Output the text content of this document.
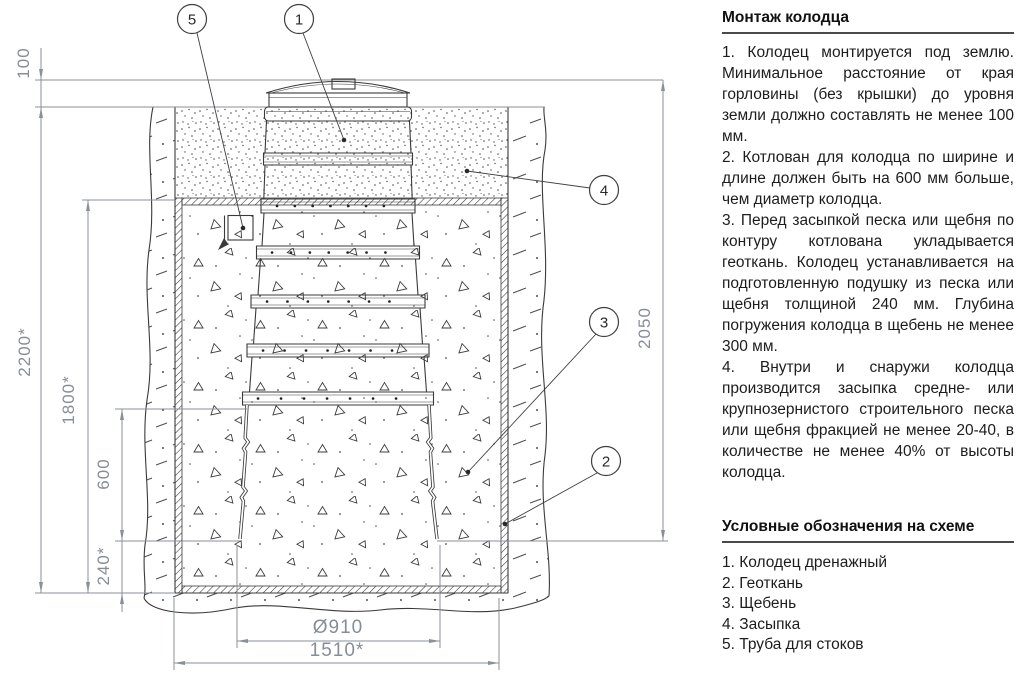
100
2200*
1800*
600
240*
2050
Ø910
1510*
5	1
4
3
2
Монтаж колодца

1. Колодец монтируется под землю. Минимальное расстояние от края горловины (без крышки) до уровня земли должно составлять не менее 100 мм.

2. Котлован для колодца по ширине и длине должен быть на 600 мм больше, чем диаметр колодца.

3. Перед засыпкой песка или щебня по контуру котлована укладывается геоткань. Колодец устанавливается на подготовленную подушку из песка или щебня толщиной 240 мм. Глубина погружения колодца в щебень не менее 300 мм.

4. Внутри и снаружи колодца производится засыпка средне- или крупнозернистого строительного песка или щебня фракцией не менее 20-40, в количестве не менее 40% от высоты колодца.

Условные обозначения на схеме
1. Колодец дренажный
2. Геоткань
3. Щебень
4. Засыпка
5. Труба для стоков
